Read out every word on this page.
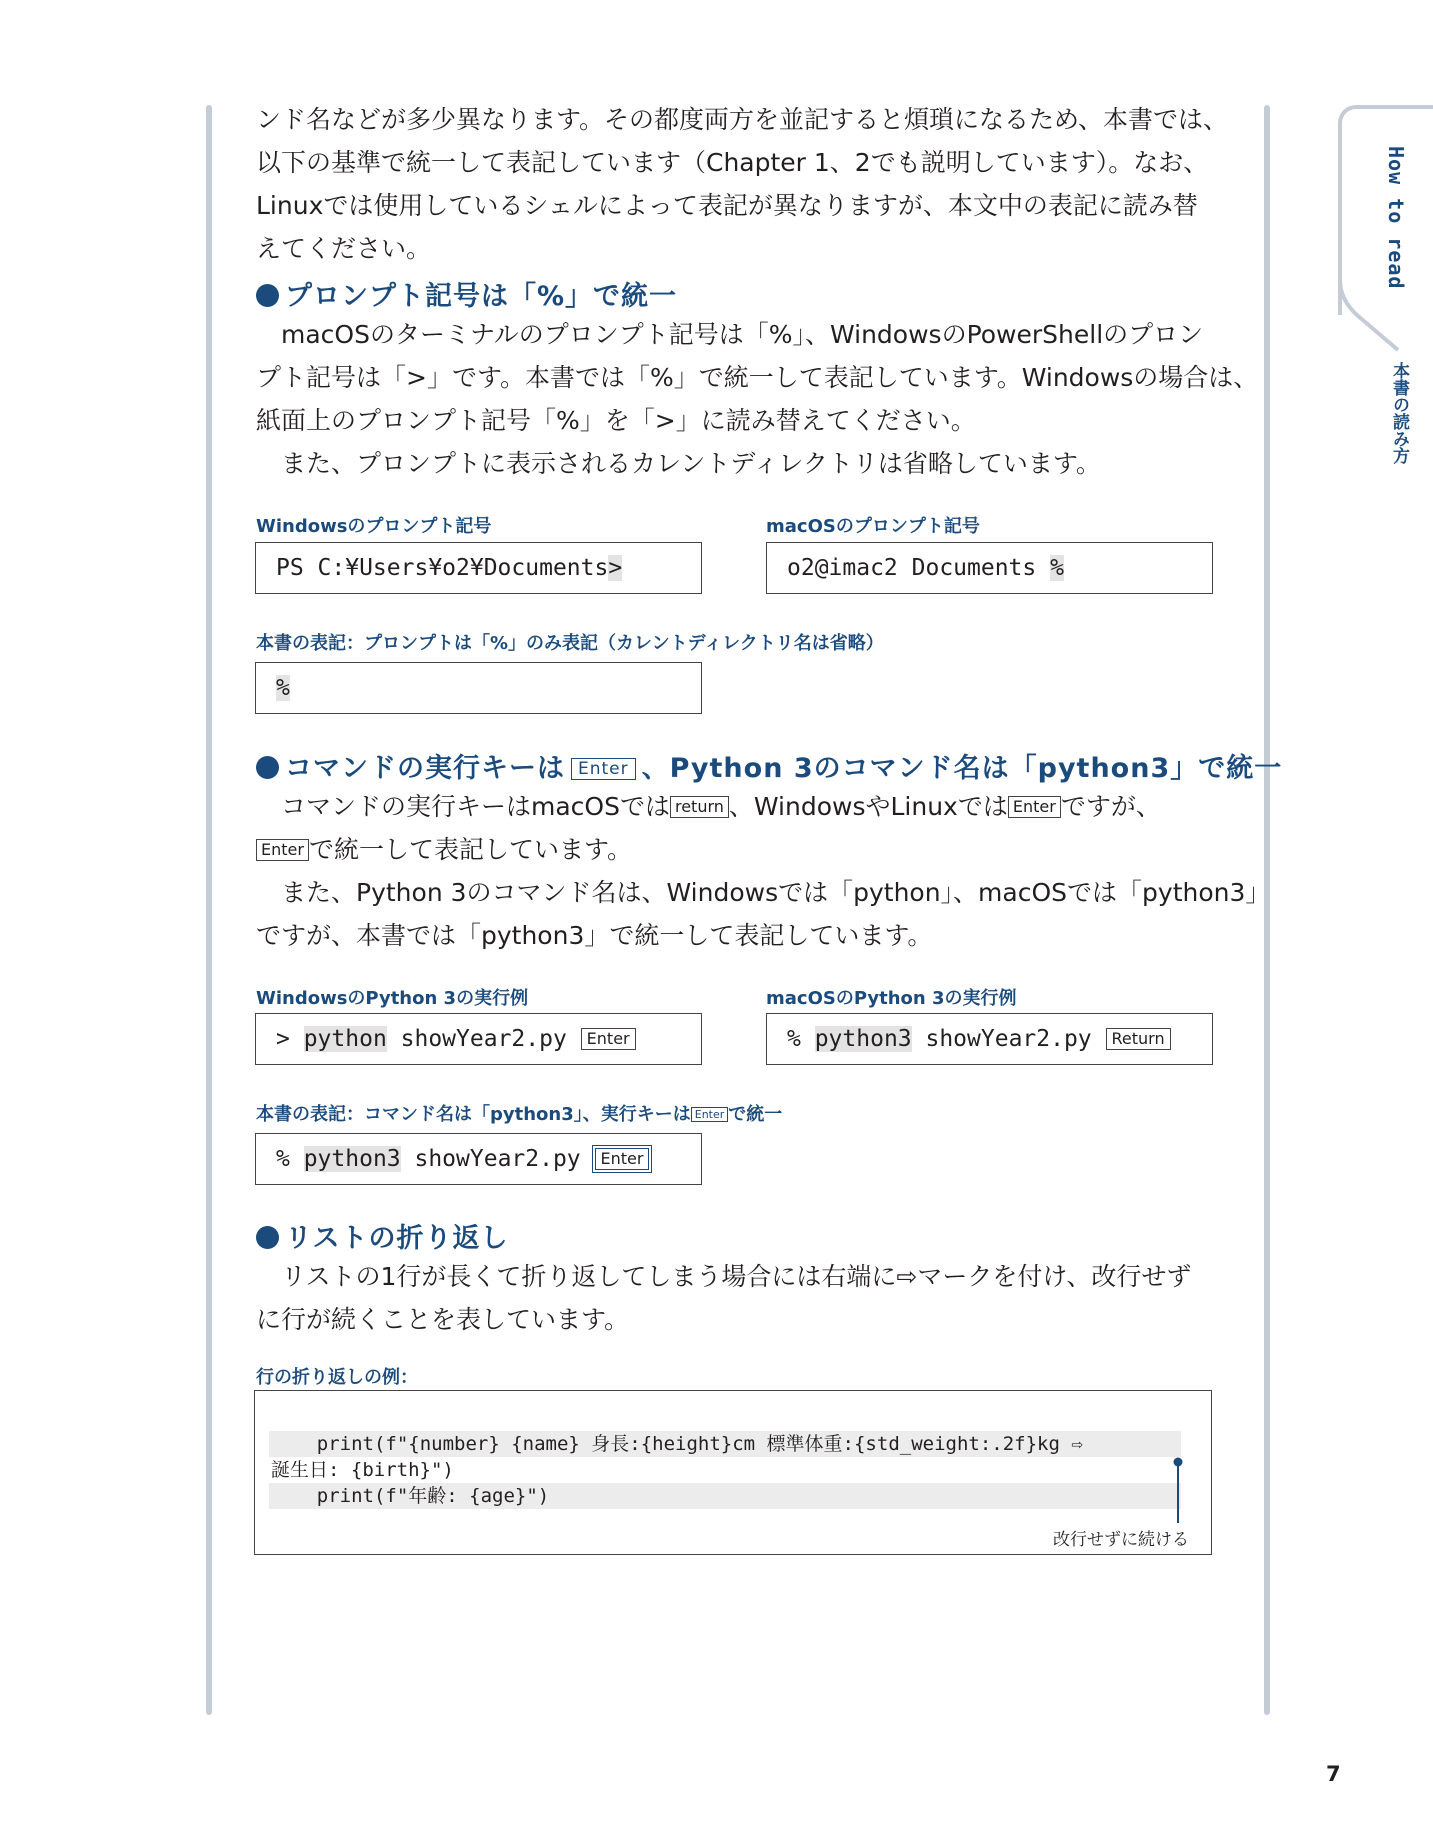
How to read
本書の読み方

ンド名などが多少異なります。その都度両方を並記すると煩瑣になるため、本書では、

以下の基準で統一して表記しています（Chapter 1、2でも説明しています）。なお、

Linuxでは使用しているシェルによって表記が異なりますが、本文中の表記に読み替

えてください。

プロンプト記号は「%」で統一

　macOSのターミナルのプロンプト記号は「%」、WindowsのPowerShellのプロン

プト記号は「>」です。本書では「%」で統一して表記しています。Windowsの場合は、

紙面上のプロンプト記号「%」を「>」に読み替えてください。

　また、プロンプトに表示されるカレントディレクトリは省略しています。

Windowsのプロンプト記号
PS C:¥Users¥o2¥Documents>
macOSのプロンプト記号
o2@imac2 Documents %
本書の表記：プロンプトは「%」のみ表記（カレントディレクトリ名は省略）
%
コマンドの実行キーは Enter 、Python 3のコマンド名は「python3」で統一

　コマンドの実行キーはmacOSでは return 、WindowsやLinuxでは Enter ですが、

Enter で統一して表記しています。

　また、Python 3のコマンド名は、Windowsでは「python」、macOSでは「python3」

ですが、本書では「python3」で統一して表記しています。

WindowsのPython 3の実行例
> python showYear2.py Enter
macOSのPython 3の実行例
% python3 showYear2.py Return
本書の表記：コマンド名は「python3」、実行キーは Enter で統一
% python3 showYear2.py Enter
リストの折り返し

　リストの1行が長くて折り返してしまう場合には右端に⇨マークを付け、改行せず

に行が続くことを表しています。

行の折り返しの例：
print(f"{number} {name} 身長:{height}cm 標準体重:{std_weight:.2f}kg ⇨
誕生日: {birth}")
print(f"年齢: {age}")
改行せずに続ける
7
